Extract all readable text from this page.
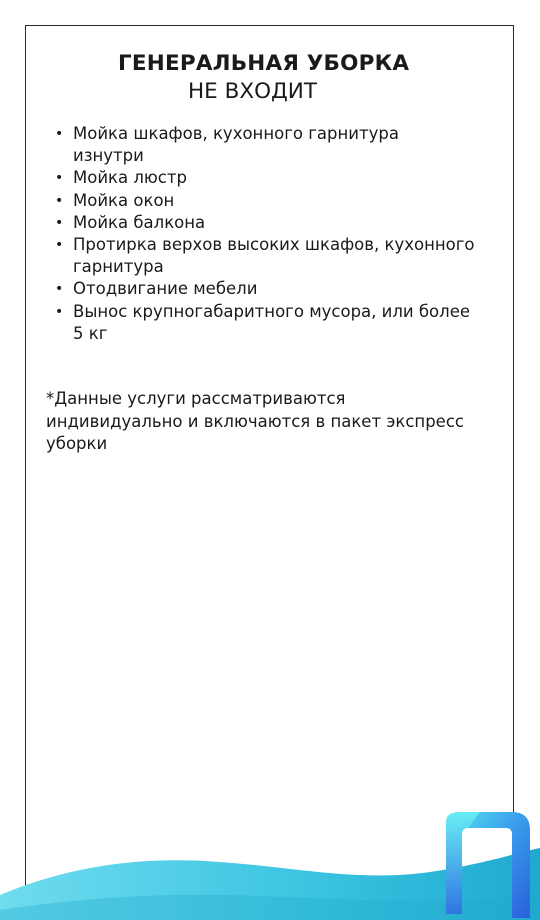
ГЕНЕРАЛЬНАЯ УБОРКА
НЕ ВХОДИТ
• Мойка шкафов, кухонного гарнитура изнутри
• Мойка люстр
• Мойка окон
• Мойка балкона
• Протирка верхов высоких шкафов, кухонного гарнитура
• Отодвигание мебели
• Вынос крупногабаритного мусора, или более 5 кг

*Данные услуги рассматриваются индивидуально и включаются в пакет экспресс уборки
